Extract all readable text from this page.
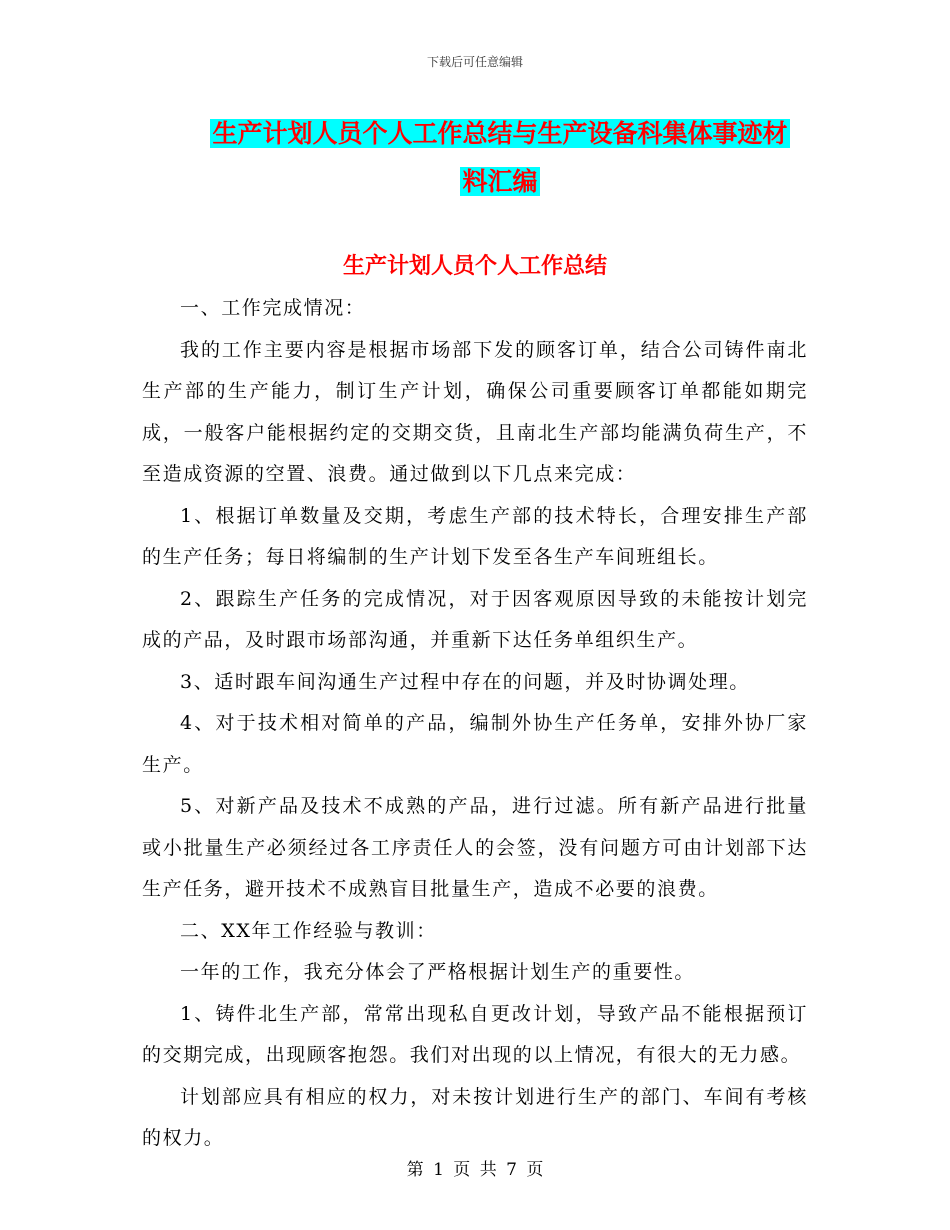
下载后可任意编辑
生产计划人员个人工作总结与生产设备科集体事迹材
料汇编
生产计划人员个人工作总结

一、工作完成情况：

我的工作主要内容是根据市场部下发的顾客订单，结合公司铸件南北生产部的生产能力，制订生产计划，确保公司重要顾客订单都能如期完成，一般客户能根据约定的交期交货，且南北生产部均能满负荷生产，不至造成资源的空置、浪费。通过做到以下几点来完成：

1、根据订单数量及交期，考虑生产部的技术特长，合理安排生产部的生产任务；每日将编制的生产计划下发至各生产车间班组长。

2、跟踪生产任务的完成情况，对于因客观原因导致的未能按计划完成的产品，及时跟市场部沟通，并重新下达任务单组织生产。

3、适时跟车间沟通生产过程中存在的问题，并及时协调处理。

4、对于技术相对简单的产品，编制外协生产任务单，安排外协厂家生产。

5、对新产品及技术不成熟的产品，进行过滤。所有新产品进行批量或小批量生产必须经过各工序责任人的会签，没有问题方可由计划部下达生产任务，避开技术不成熟盲目批量生产，造成不必要的浪费。

二、XX年工作经验与教训：

一年的工作，我充分体会了严格根据计划生产的重要性。

1、铸件北生产部，常常出现私自更改计划，导致产品不能根据预订的交期完成，出现顾客抱怨。我们对出现的以上情况，有很大的无力感。

计划部应具有相应的权力，对未按计划进行生产的部门、车间有考核的权力。

第 1 页 共 7 页
